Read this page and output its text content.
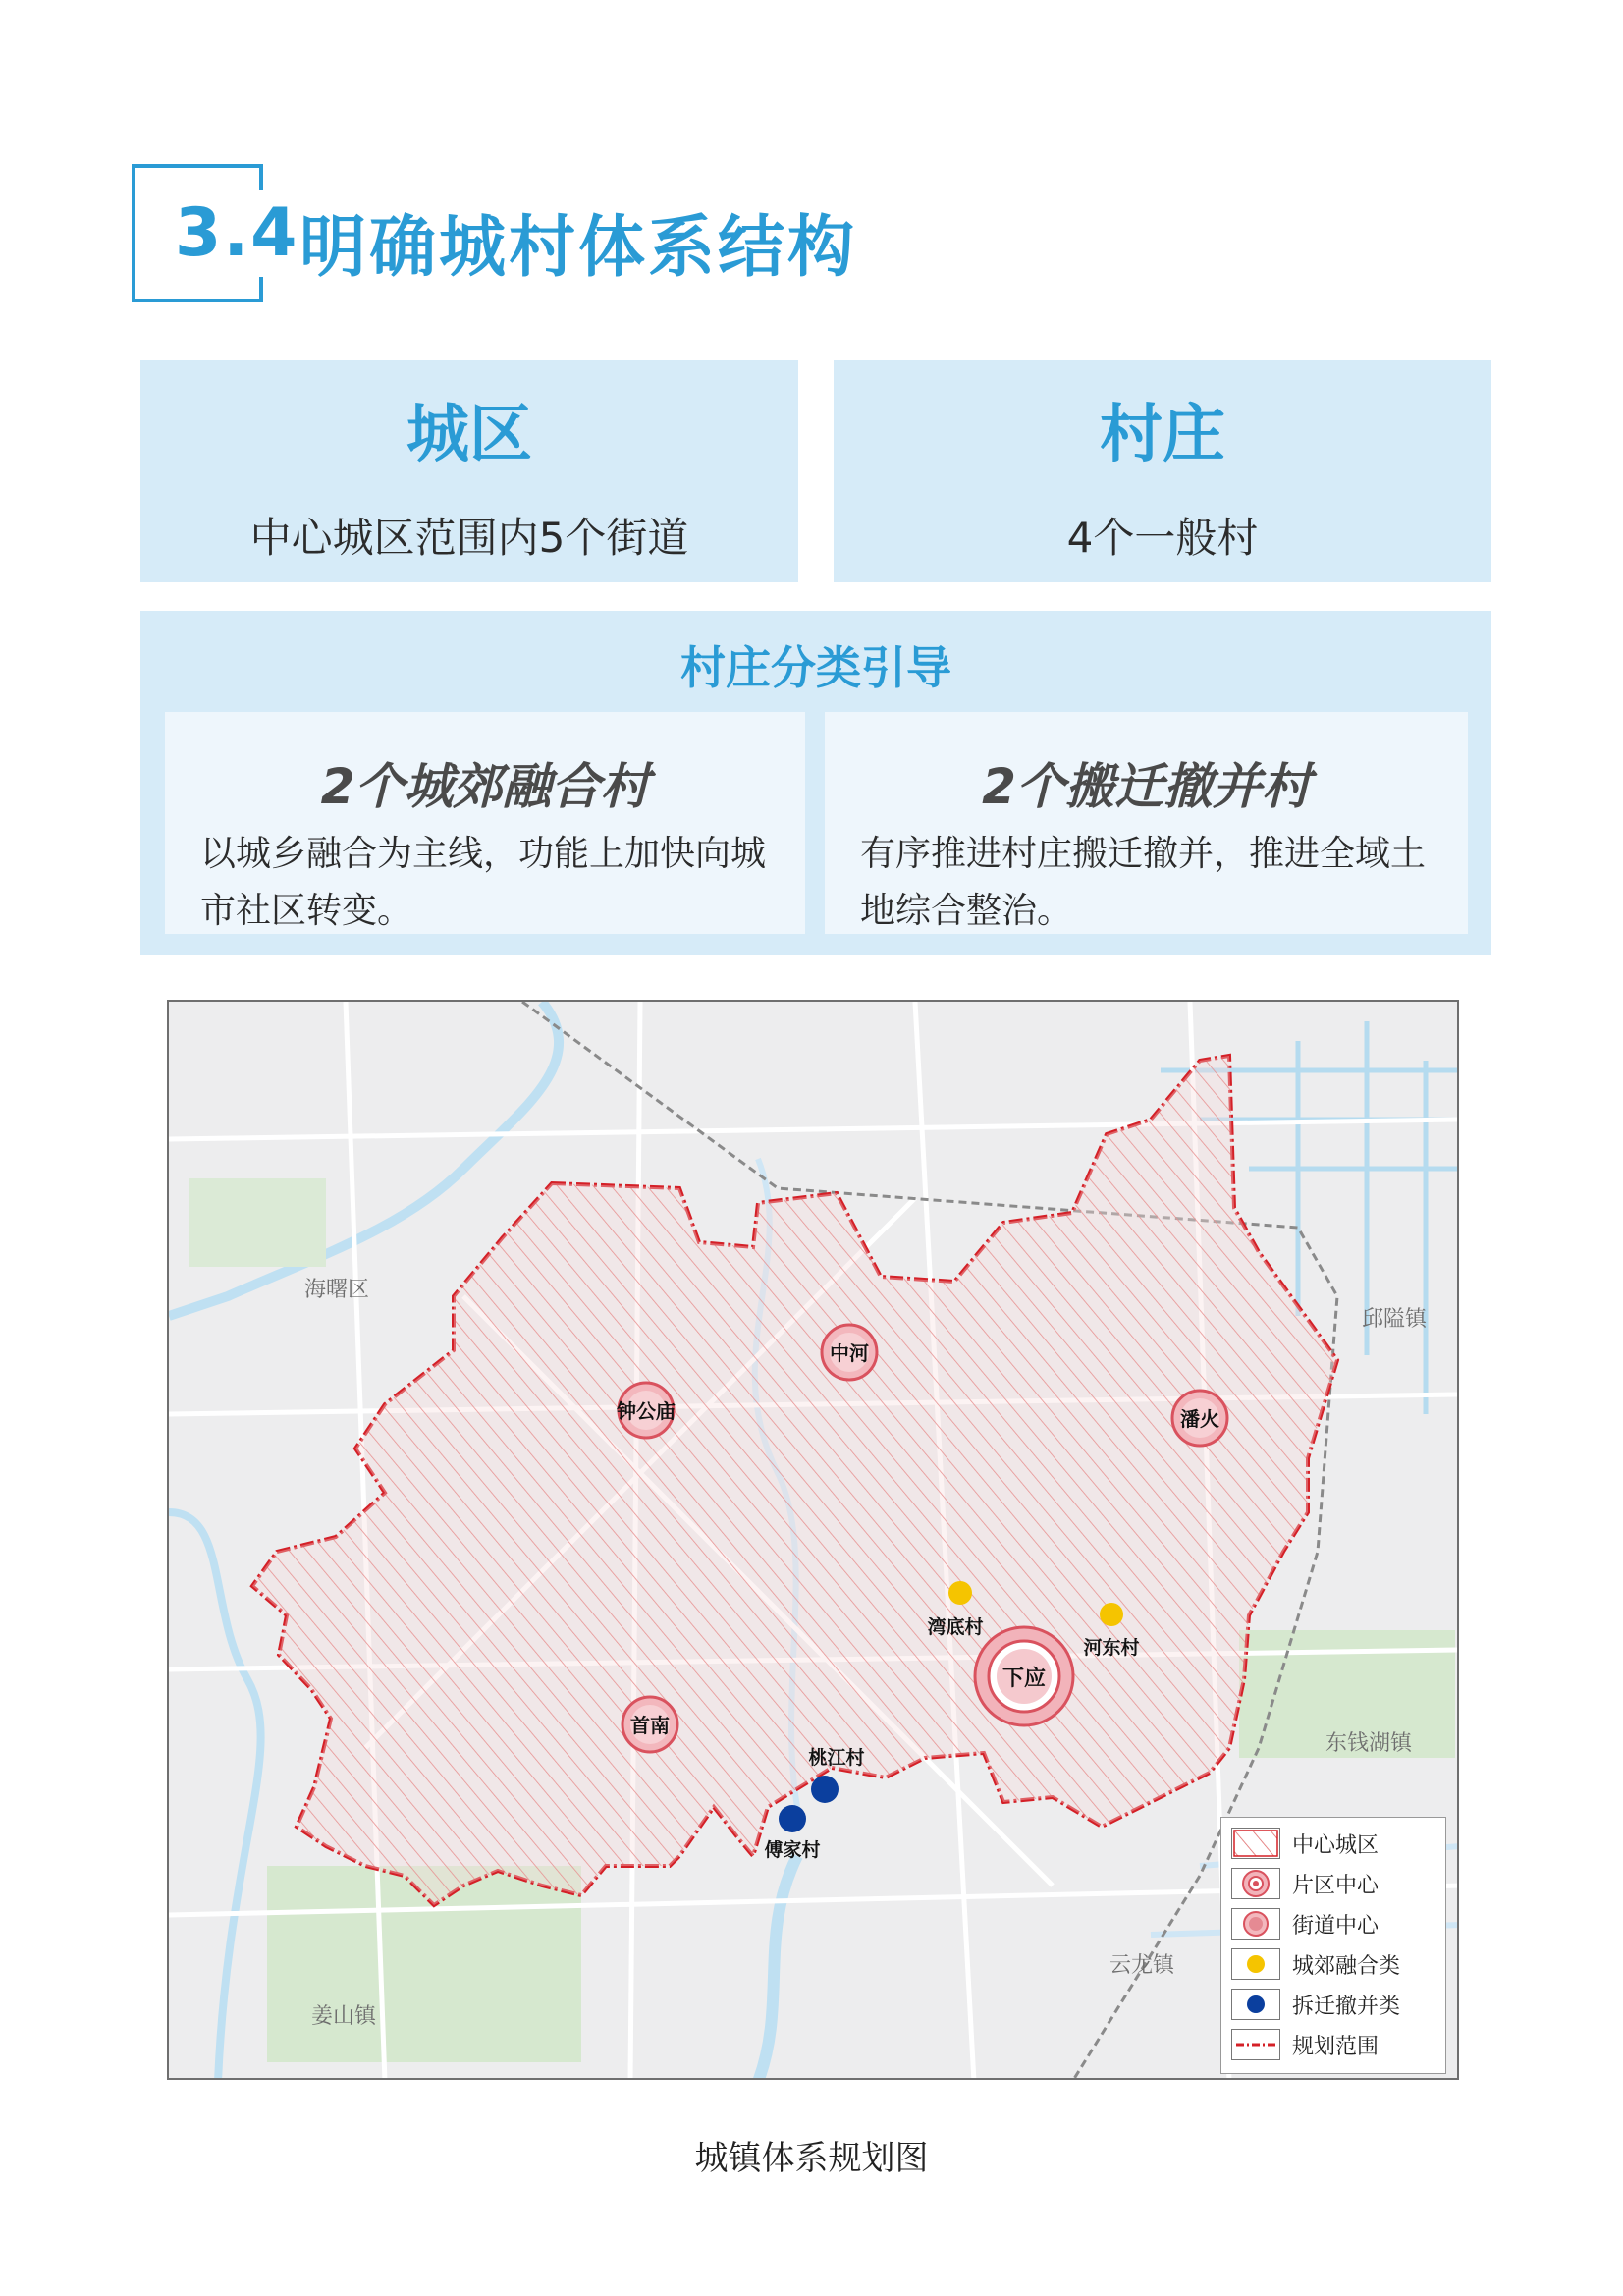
3.4 明确城村体系结构
城区
中心城区范围内5个街道
村庄
4个一般村
村庄分类引导
2个城郊融合村
以城乡融合为主线，功能上加快向城市社区转变。
2个搬迁撤并村
有序推进村庄搬迁撤并，推进全域土地综合整治。
海曙区
邱隘镇
东钱湖镇
云龙镇
姜山镇
钟公庙
中河
潘火
首南
下应
湾底村
河东村
桃江村
傅家村	中心城区
片区中心
街道中心
城郊融合类
拆迁撤并类
规划范围
城镇体系规划图
